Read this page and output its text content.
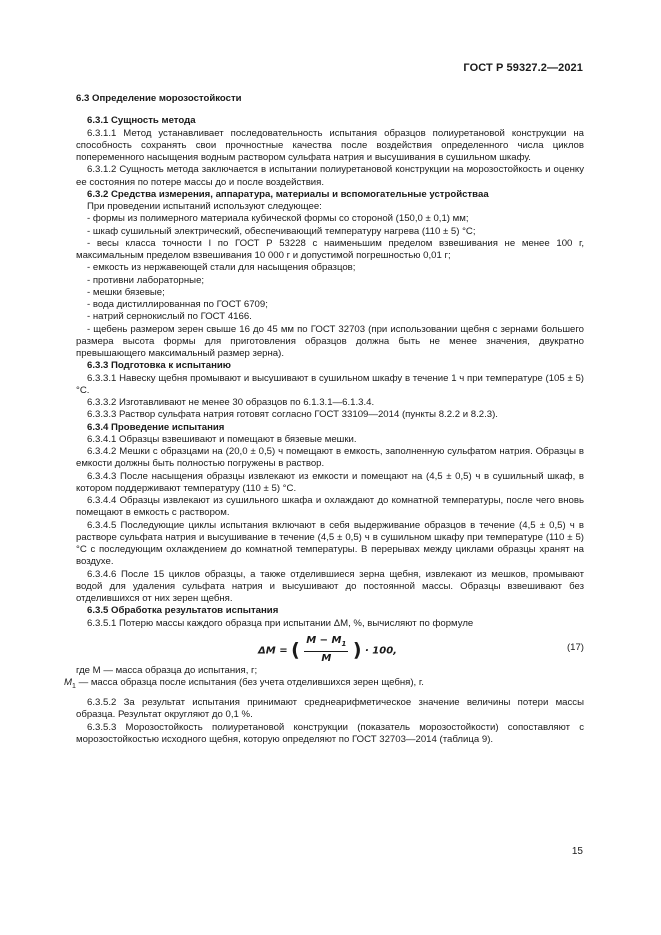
ГОСТ Р 59327.2—2021

6.3 Определение морозостойкости

6.3.1 Сущность метода

6.3.1.1 Метод устанавливает последовательность испытания образцов полиуретановой конструкции на способность сохранять свои прочностные качества после воздействия определенного числа циклов попеременного насыщения водным раствором сульфата натрия и высушивания в сушильном шкафу.

6.3.1.2 Сущность метода заключается в испытании полиуретановой конструкции на морозостойкость и оценку ее состояния по потере массы до и после воздействия.

6.3.2 Средства измерения, аппаратура, материалы и вспомогательные устройствaa

При проведении испытаний используют следующее:

- формы из полимерного материала кубической формы со стороной (150,0 ± 0,1) мм;

- шкаф сушильный электрический, обеспечивающий температуру нагрева (110 ± 5) °С;

- весы класса точности I по ГОСТ Р 53228 с наименьшим пределом взвешивания не менее 100 г, максимальным пределом взвешивания 10 000 г и допустимой погрешностью 0,01 г;

- емкость из нержавеющей стали для насыщения образцов;

- противни лабораторные;

- мешки бязевые;

- вода дистиллированная по ГОСТ 6709;

- натрий сернокислый по ГОСТ 4166.

- щебень размером зерен свыше 16 до 45 мм по ГОСТ 32703 (при использовании щебня с зернами большего размера высота формы для приготовления образцов должна быть не менее значения, двукратно превышающего максимальный размер зерна).

6.3.3 Подготовка к испытанию

6.3.3.1 Навеску щебня промывают и высушивают в сушильном шкафу в течение 1 ч при температуре (105 ± 5) °С.

6.3.3.2 Изготавливают не менее 30 образцов по 6.1.3.1—6.1.3.4.

6.3.3.3 Раствор сульфата натрия готовят согласно ГОСТ 33109—2014 (пункты 8.2.2 и 8.2.3).

6.3.4 Проведение испытания

6.3.4.1 Образцы взвешивают и помещают в бязевые мешки.

6.3.4.2 Мешки с образцами на (20,0 ± 0,5) ч помещают в емкость, заполненную сульфатом натрия. Образцы в емкости должны быть полностью погружены в раствор.

6.3.4.3 После насыщения образцы извлекают из емкости и помещают на (4,5 ± 0,5) ч в сушильный шкаф, в котором поддерживают температуру (110 ± 5) °С.

6.3.4.4 Образцы извлекают из сушильного шкафа и охлаждают до комнатной температуры, после чего вновь помещают в емкость с раствором.

6.3.4.5 Последующие циклы испытания включают в себя выдерживание образцов в течение (4,5 ± 0,5) ч в растворе сульфата натрия и высушивание в течение (4,5 ± 0,5) ч в сушильном шкафу при температуре (110 ± 5) °С с последующим охлаждением до комнатной температуры. В перерывах между циклами образцы хранят на воздухе.

6.3.4.6 После 15 циклов образцы, а также отделившиеся зерна щебня, извлекают из мешков, промывают водой для удаления сульфата натрия и высушивают до постоянной массы. Образцы взвешивают без отделившихся от них зерен щебня.

6.3.5 Обработка результатов испытания

6.3.5.1 Потерю массы каждого образца при испытании ΔM, %, вычисляют по формуле

ΔM = ( $\frac{M - M_1}{M}$ ) · 100,	(17)

где M — масса образца до испытания, г;

$M_1$ — масса образца после испытания (без учета отделившихся зерен щебня), г.

6.3.5.2 За результат испытания принимают среднеарифметическое значение величины потери массы образца. Результат округляют до 0,1 %.

6.3.5.3 Морозостойкость полиуретановой конструкции (показатель морозостойкости) сопоставляют с морозостойкостью исходного щебня, которую определяют по ГОСТ 32703—2014 (таблица 9).

15
